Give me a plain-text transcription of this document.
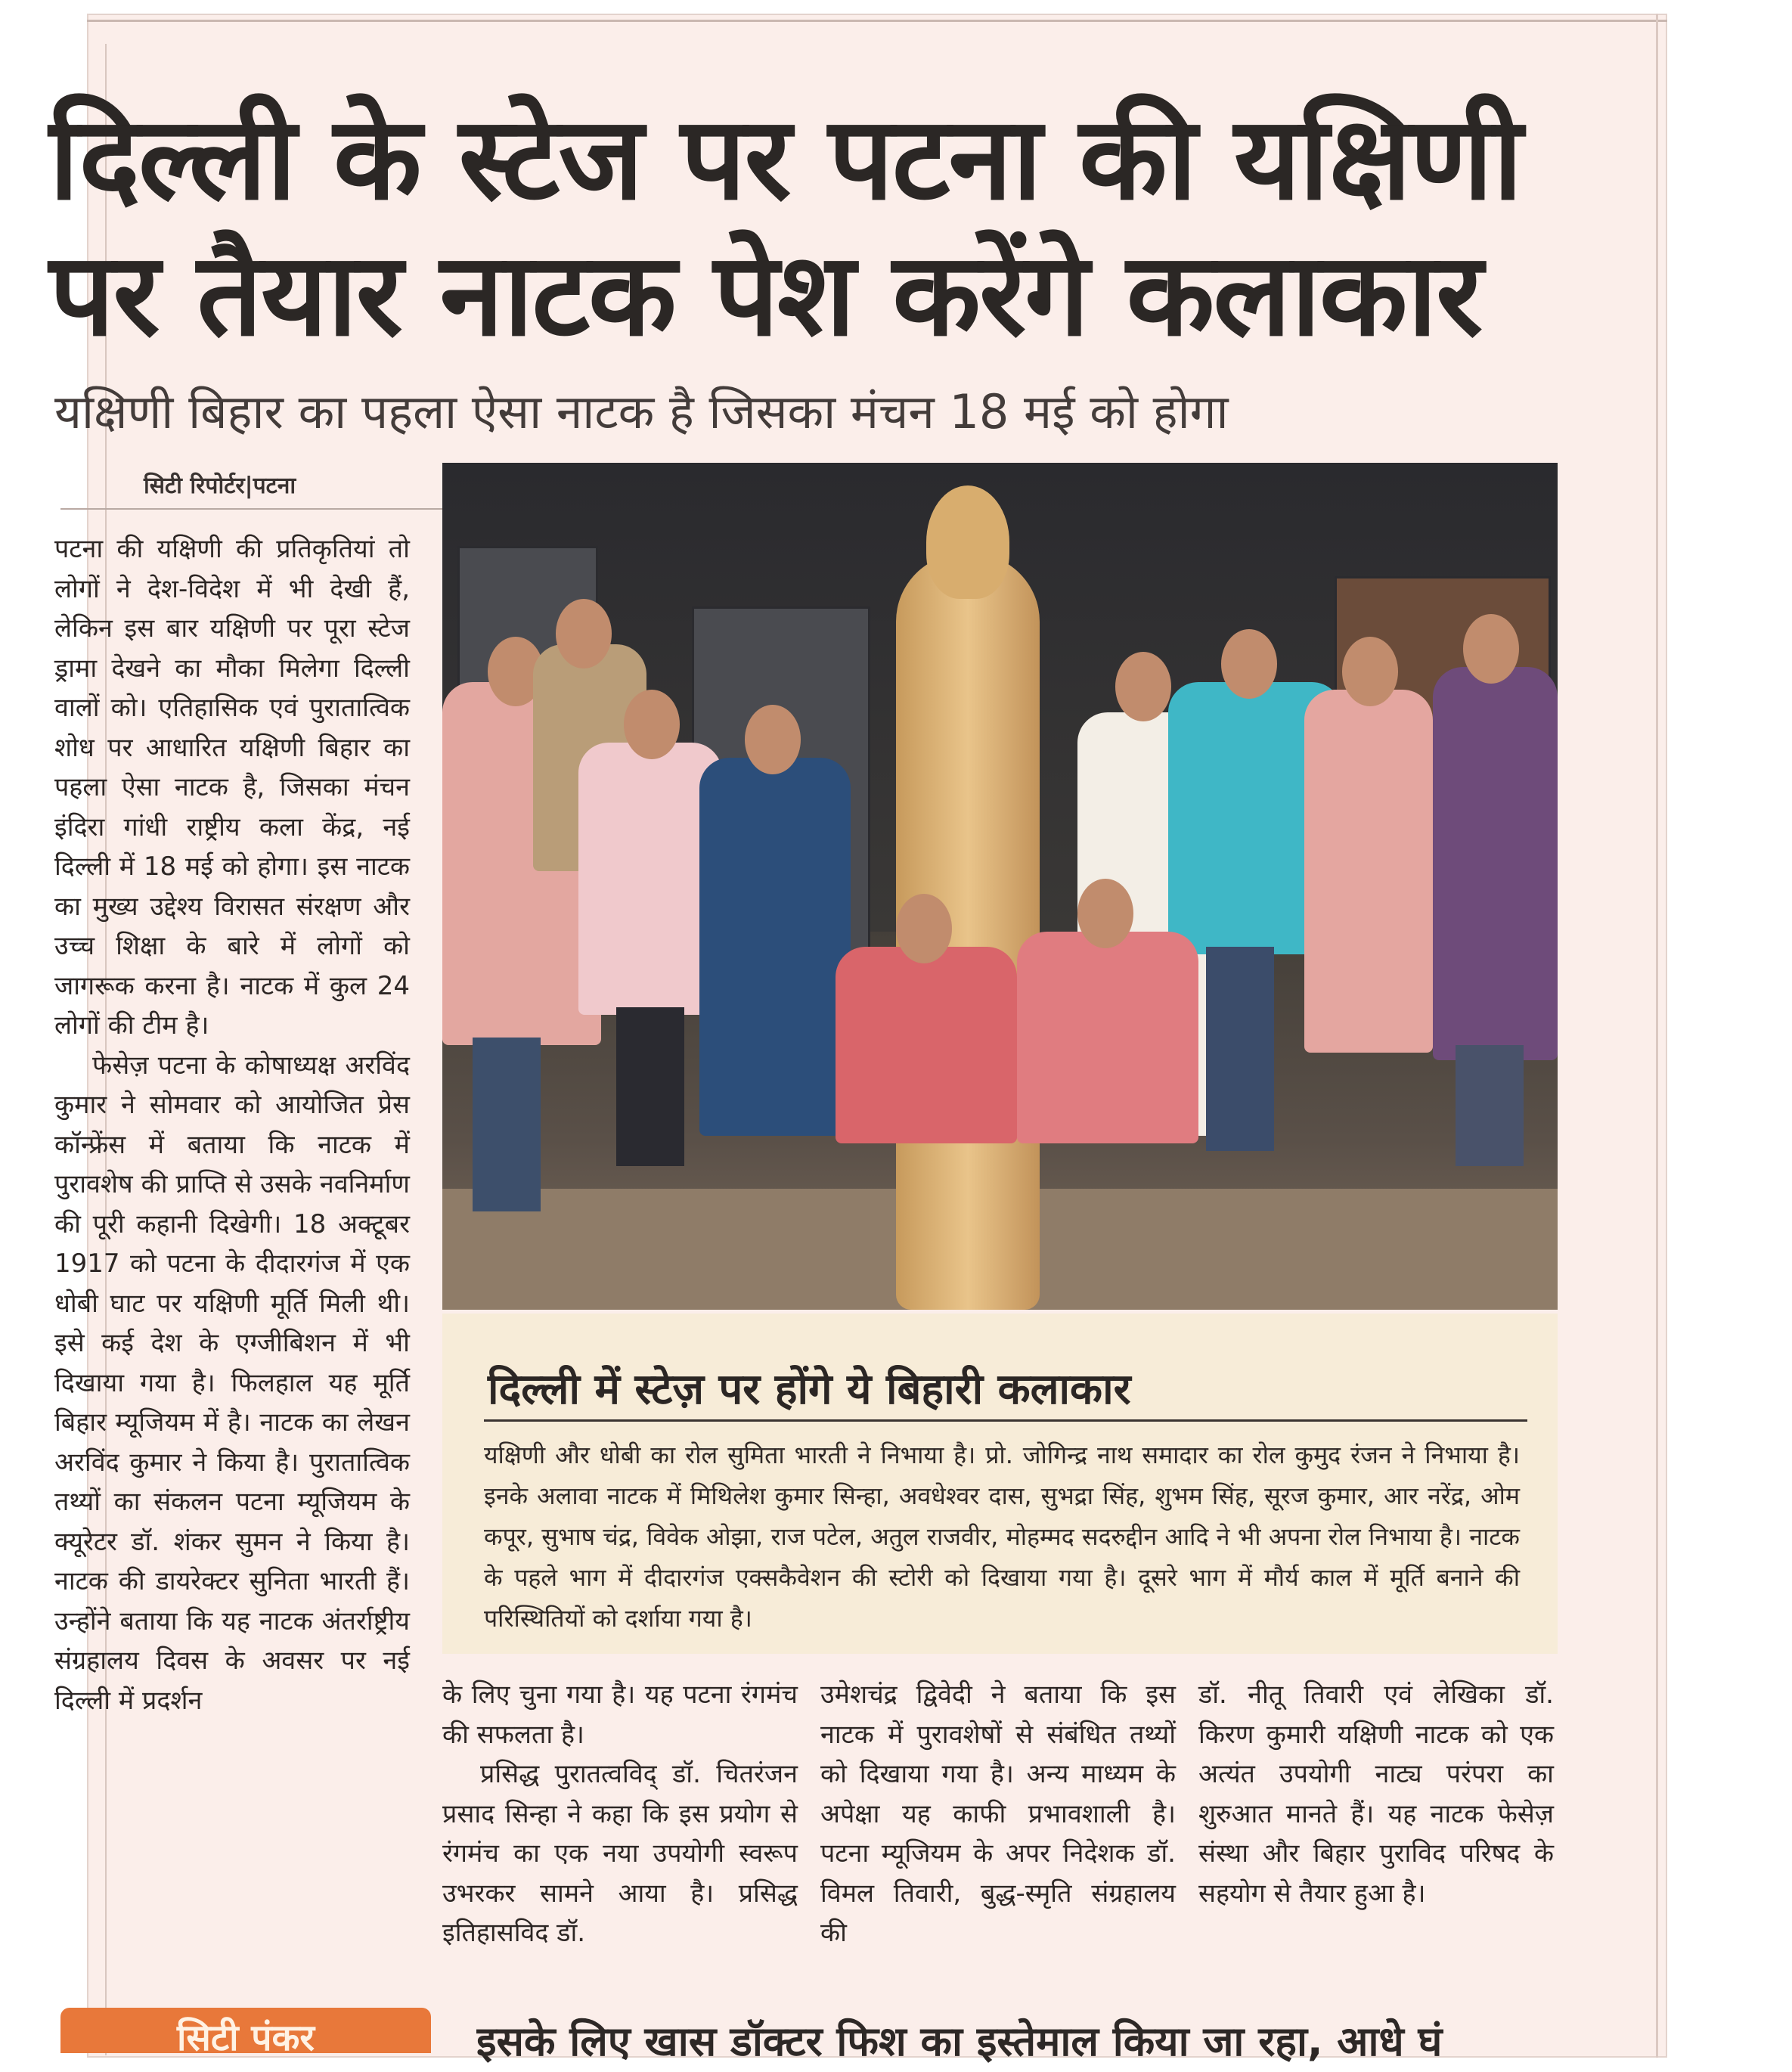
दिल्ली के स्टेज पर पटना की यक्षिणी
पर तैयार नाटक पेश करेंगे कलाकार
यक्षिणी बिहार का पहला ऐसा नाटक है जिसका मंचन 18 मई को होगा
सिटी रिपोर्टर|पटना

पटना की यक्षिणी की प्रतिकृतियां तो लोगों ने देश-विदेश में भी देखी हैं, लेकिन इस बार यक्षिणी पर पूरा स्टेज ड्रामा देखने का मौका मिलेगा दिल्ली वालों को। एतिहासिक एवं पुरातात्विक शोध पर आधारित यक्षिणी बिहार का पहला ऐसा नाटक है, जिसका मंचन इंदिरा गांधी राष्ट्रीय कला केंद्र, नई दिल्ली में 18 मई को होगा। इस नाटक का मुख्य उद्देश्य विरासत संरक्षण और उच्च शिक्षा के बारे में लोगों को जागरूक करना है। नाटक में कुल 24 लोगों की टीम है।

फेसेज़ पटना के कोषाध्यक्ष अरविंद कुमार ने सोमवार को आयोजित प्रेस कॉन्फ्रेंस में बताया कि नाटक में पुरावशेष की प्राप्ति से उसके नवनिर्माण की पूरी कहानी दिखेगी। 18 अक्टूबर 1917 को पटना के दीदारगंज में एक धोबी घाट पर यक्षिणी मूर्ति मिली थी। इसे कई देश के एग्जीबिशन में भी दिखाया गया है। फिलहाल यह मूर्ति बिहार म्यूजियम में है। नाटक का लेखन अरविंद कुमार ने किया है। पुरातात्विक तथ्यों का संकलन पटना म्यूजियम के क्यूरेटर डॉ. शंकर सुमन ने किया है। नाटक की डायरेक्टर सुनिता भारती हैं। उन्होंने बताया कि यह नाटक अंतर्राष्ट्रीय संग्रहालय दिवस के अवसर पर नई दिल्ली में प्रदर्शन

दिल्ली में स्टेज़ पर होंगे ये बिहारी कलाकार
यक्षिणी और धोबी का रोल सुमिता भारती ने निभाया है। प्रो. जोगिन्द्र नाथ समादार का रोल कुमुद रंजन ने निभाया है। इनके अलावा नाटक में मिथिलेश कुमार सिन्हा, अवधेश्वर दास, सुभद्रा सिंह, शुभम सिंह, सूरज कुमार, आर नरेंद्र, ओम कपूर, सुभाष चंद्र, विवेक ओझा, राज पटेल, अतुल राजवीर, मोहम्मद सदरुद्दीन आदि ने भी अपना रोल निभाया है। नाटक के पहले भाग में दीदारगंज एक्सकैवेशन की स्टोरी को दिखाया गया है। दूसरे भाग में मौर्य काल में मूर्ति बनाने की परिस्थितियों को दर्शाया गया है।

के लिए चुना गया है। यह पटना रंगमंच की सफलता है।

प्रसिद्ध पुरातत्वविद् डॉ. चितरंजन प्रसाद सिन्हा ने कहा कि इस प्रयोग से रंगमंच का एक नया उपयोगी स्वरूप उभरकर सामने आया है। प्रसिद्ध इतिहासविद डॉ.

उमेशचंद्र द्विवेदी ने बताया कि इस नाटक में पुरावशेषों से संबंधित तथ्यों को दिखाया गया है। अन्य माध्यम के अपेक्षा यह काफी प्रभावशाली है। पटना म्यूजियम के अपर निदेशक डॉ. विमल तिवारी, बुद्ध-स्मृति संग्रहालय की

डॉ. नीतू तिवारी एवं लेखिका डॉ. किरण कुमारी यक्षिणी नाटक को एक अत्यंत उपयोगी नाट्य परंपरा का शुरुआत मानते हैं। यह नाटक फेसेज़ संस्था और बिहार पुराविद परिषद के सहयोग से तैयार हुआ है।

सिटी पंकर	इसके लिए खास डॉक्टर फिश का इस्तेमाल किया जा रहा, आधे घं
